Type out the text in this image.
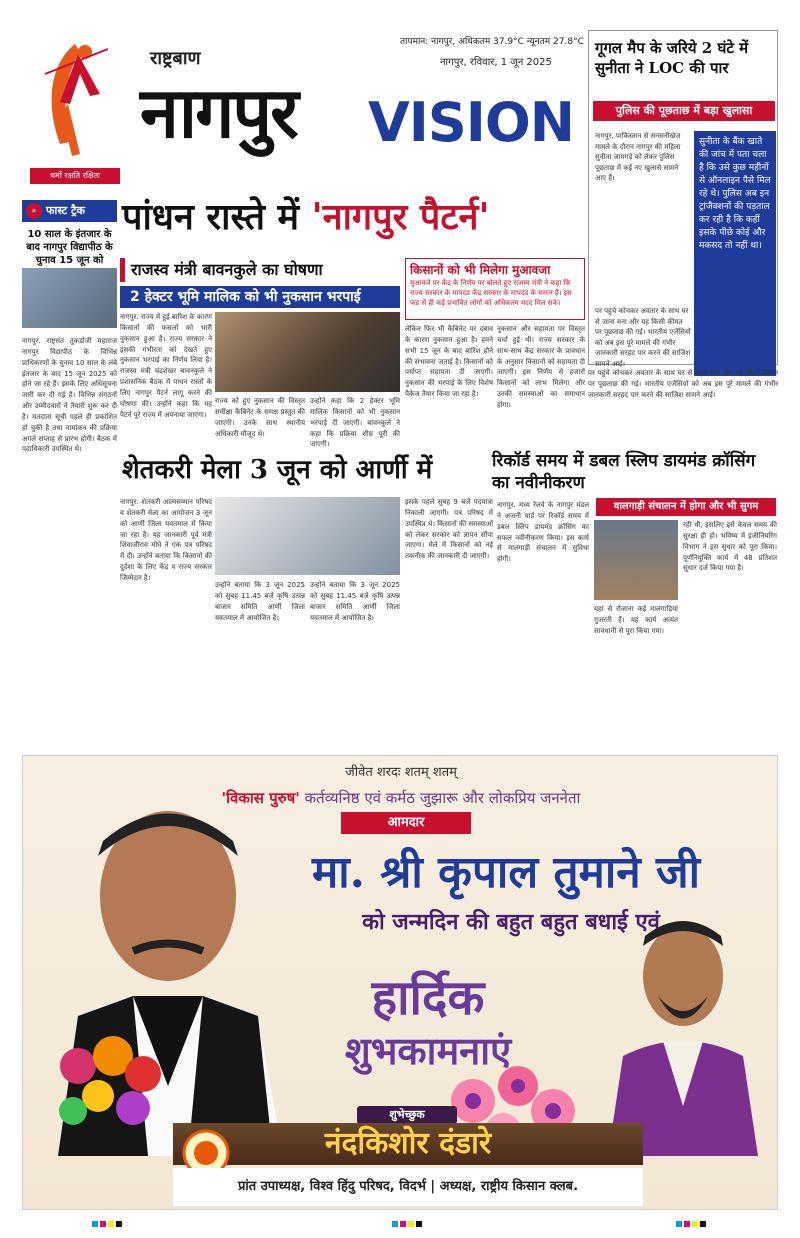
धर्मो रक्षति रक्षितः
राष्ट्रबाण
नागपुर VISION
तापमान: नागपुर, अधिकतम 37.9°C न्यूनतम 27.8°C
नागपुर, रविवार, 1 जून 2025
गूगल मैप के जरिये 2 घंटे में सुनीता ने LOC की पार
पुलिस की पूछताछ में बड़ा खुलासा
नागपुर. पाकिस्तान से सनसनीखेज मामले के दौरान नागपुर की महिला सुनीता जामगड़े को लेकर पुलिस पूछताछ में कई नए खुलासे सामने आए हैं।
सुनीता के बैंक खाते की जांच में पता चला है कि उसे कुछ महीनों से ऑनलाइन पैसे मिल रहे थे। पुलिस अब इन ट्रांजैक्शनों की पड़ताल कर रही है कि कहीं इसके पीछे कोई और मकसद तो नहीं था।
पर पहुंचे कोचकर अवतार के साथ घर से जाना मना और यह किसी कीमत पर पूछताछ की गई। भारतीय एजेंसियों को अब इस पूरे मामले की गंभीर जानकारी सरहद पार करने की साजिश सामने आई।
पर पहुंचे कोचकर अवतार के साथ घर से जाना मना और यह किसी कीमत पर पूछताछ की गई। भारतीय एजेंसियों को अब इस पूरे मामले की गंभीर जानकारी सरहद पार करने की साजिश सामने आई।
फास्ट ट्रैक
»
10 साल के इंतजार के बाद नागपुर विद्यापीठ के चुनाव 15 जून को
नागपुर. राष्ट्रसंत तुकडोजी महाराज नागपुर विद्यापीठ के विभिन्न प्राधिकरणों के चुनाव 10 साल के लंबे इंतजार के बाद 15 जून 2025 को होने जा रहे हैं। इसके लिए अधिसूचना जारी कर दी गई है। विभिन्न संगठनों और उम्मीदवारों ने तैयारी शुरू कर दी है। मतदाता सूची पहले ही प्रकाशित हो चुकी है तथा नामांकन की प्रक्रिया अगले सप्ताह से प्रारंभ होगी। बैठक में पदाधिकारी उपस्थित थे।
पांधन रास्ते में 'नागपुर पैटर्न'
राजस्व मंत्री बावनकुले का घोषणा
2 हेक्टर भूमि मालिक को भी नुकसान भरपाई
किसानों को भी मिलेगा मुआवजा
मुआवजे पर केंद्र के निर्णय पर बोलते हुए राजस्व मंत्री ने कहा कि राज्य सरकार के मापदंड केंद्र सरकार के मापदंड के समान हैं। इस फंड से ही कई प्रभावित लोगों को अधिकतम मदद मिल सके।
नागपुर. राज्य में हुई बारिश के कारण किसानों की फसलों को भारी नुकसान हुआ है। राज्य सरकार ने इसकी गंभीरता को देखते हुए नुकसान भरपाई का निर्णय लिया है। राजस्व मंत्री चंद्रशेखर बावनकुले ने प्रशासनिक बैठक में पांधन रास्तों के लिए नागपुर पैटर्न लागू करने की घोषणा की। उन्होंने कहा कि यह पैटर्न पूरे राज्य में अपनाया जाएगा।
राज्य को हुए नुकसान की विस्तृत समीक्षा कैबिनेट के समक्ष प्रस्तुत की जाएगी। उनके साथ स्थानीय अधिकारी मौजूद थे।
उन्होंने कहा कि 2 हेक्टर भूमि मालिक किसानों को भी नुकसान भरपाई दी जाएगी। बावनकुले ने कहा कि प्रक्रिया शीघ्र पूरी की जाएगी।
लेकिन फिर भी कैबिनेट पर दबाव के कारण नुकसान हुआ है। हमने सभी 15 जून के बाद बारिश होने की संभावना जताई है। किसानों को पर्याप्त सहायता दी जाएगी। नुकसान की भरपाई के लिए विशेष पैकेज तैयार किया जा रहा है।
नुकसान और सहायता पर विस्तृत चर्चा हुई थी। राज्य सरकार के साथ-साथ केंद्र सरकार के प्रावधान के अनुसार किसानों को सहायता दी जाएगी। इस निर्णय से हजारों किसानों को लाभ मिलेगा और उनकी समस्याओं का समाधान होगा।
शेतकरी मेला 3 जून को आर्णी में
नागपुर. शेतकरी आत्मसम्मान परिषद व शेतकरी मेला का आयोजन 3 जून को आर्णी जिला यवतमाल में किया जा रहा है। यह जानकारी पूर्व मंत्री शिवाजीराव मोघे ने एक पत्र परिषद में दी। उन्होंने बताया कि किसानों की दुर्दशा के लिए केंद्र व राज्य सरकार जिम्मेदार है।
उन्होंने बताया कि 3 जून 2025 को सुबह 11.45 बजे कृषि उत्पन्न बाजार समिति आर्णी जिला यवतमाल में आयोजित है।
उन्होंने बताया कि 3 जून 2025 को सुबह 11.45 बजे कृषि उत्पन्न बाजार समिति आर्णी जिला यवतमाल में आयोजित है।
इसके पहले सुबह 9 बजे पदयात्रा निकाली जाएगी। पत्र परिषद में उपस्थित थे। किसानों की समस्याओं को लेकर सरकार को ज्ञापन सौंपा जाएगा। मेले में किसानों को नई तकनीक की जानकारी दी जाएगी।
रिकॉर्ड समय में डबल स्लिप डायमंड क्रॉसिंग का नवीनीकरण
वालगाड़ी संचालन में होगा और भी सुगम
नागपुर. मध्य रेलवे के नागपुर मंडल ने अजनी यार्ड पर रिकॉर्ड समय में डबल स्लिप डायमंड क्रॉसिंग का सफल नवीनीकरण किया। इस कार्य से मालगाड़ी संचालन में सुविधा होगी।
रही थी, इसलिए इसे केवल समय की सुरक्षा ही हो। भविष्य में इंजीनियरिंग विभाग ने इस सुधार को पूरा किया। पूर्णनियुक्ति कार्य में 48 प्रतिशत सुधार दर्ज किया गया है।
यहां से रोजाना कई मालगाड़ियां गुजरती हैं। यह कार्य अत्यंत सावधानी से पूरा किया गया।
जीवेत शरदः शतम् शतम्
'विकास पुरुष' कर्तव्यनिष्ठ एवं कर्मठ जुझारू और लोकप्रिय जननेता
आमदार
मा. श्री कृपाल तुमाने जी
को जन्मदिन की बहुत बहुत बधाई एवं
हार्दिक
शुभकामनाएं
शुभेच्छुक
नंदकिशोर दंडारे
प्रांत उपाध्यक्ष, विश्व हिंदु परिषद, विदर्भ | अध्यक्ष, राष्ट्रीय किसान क्लब.
